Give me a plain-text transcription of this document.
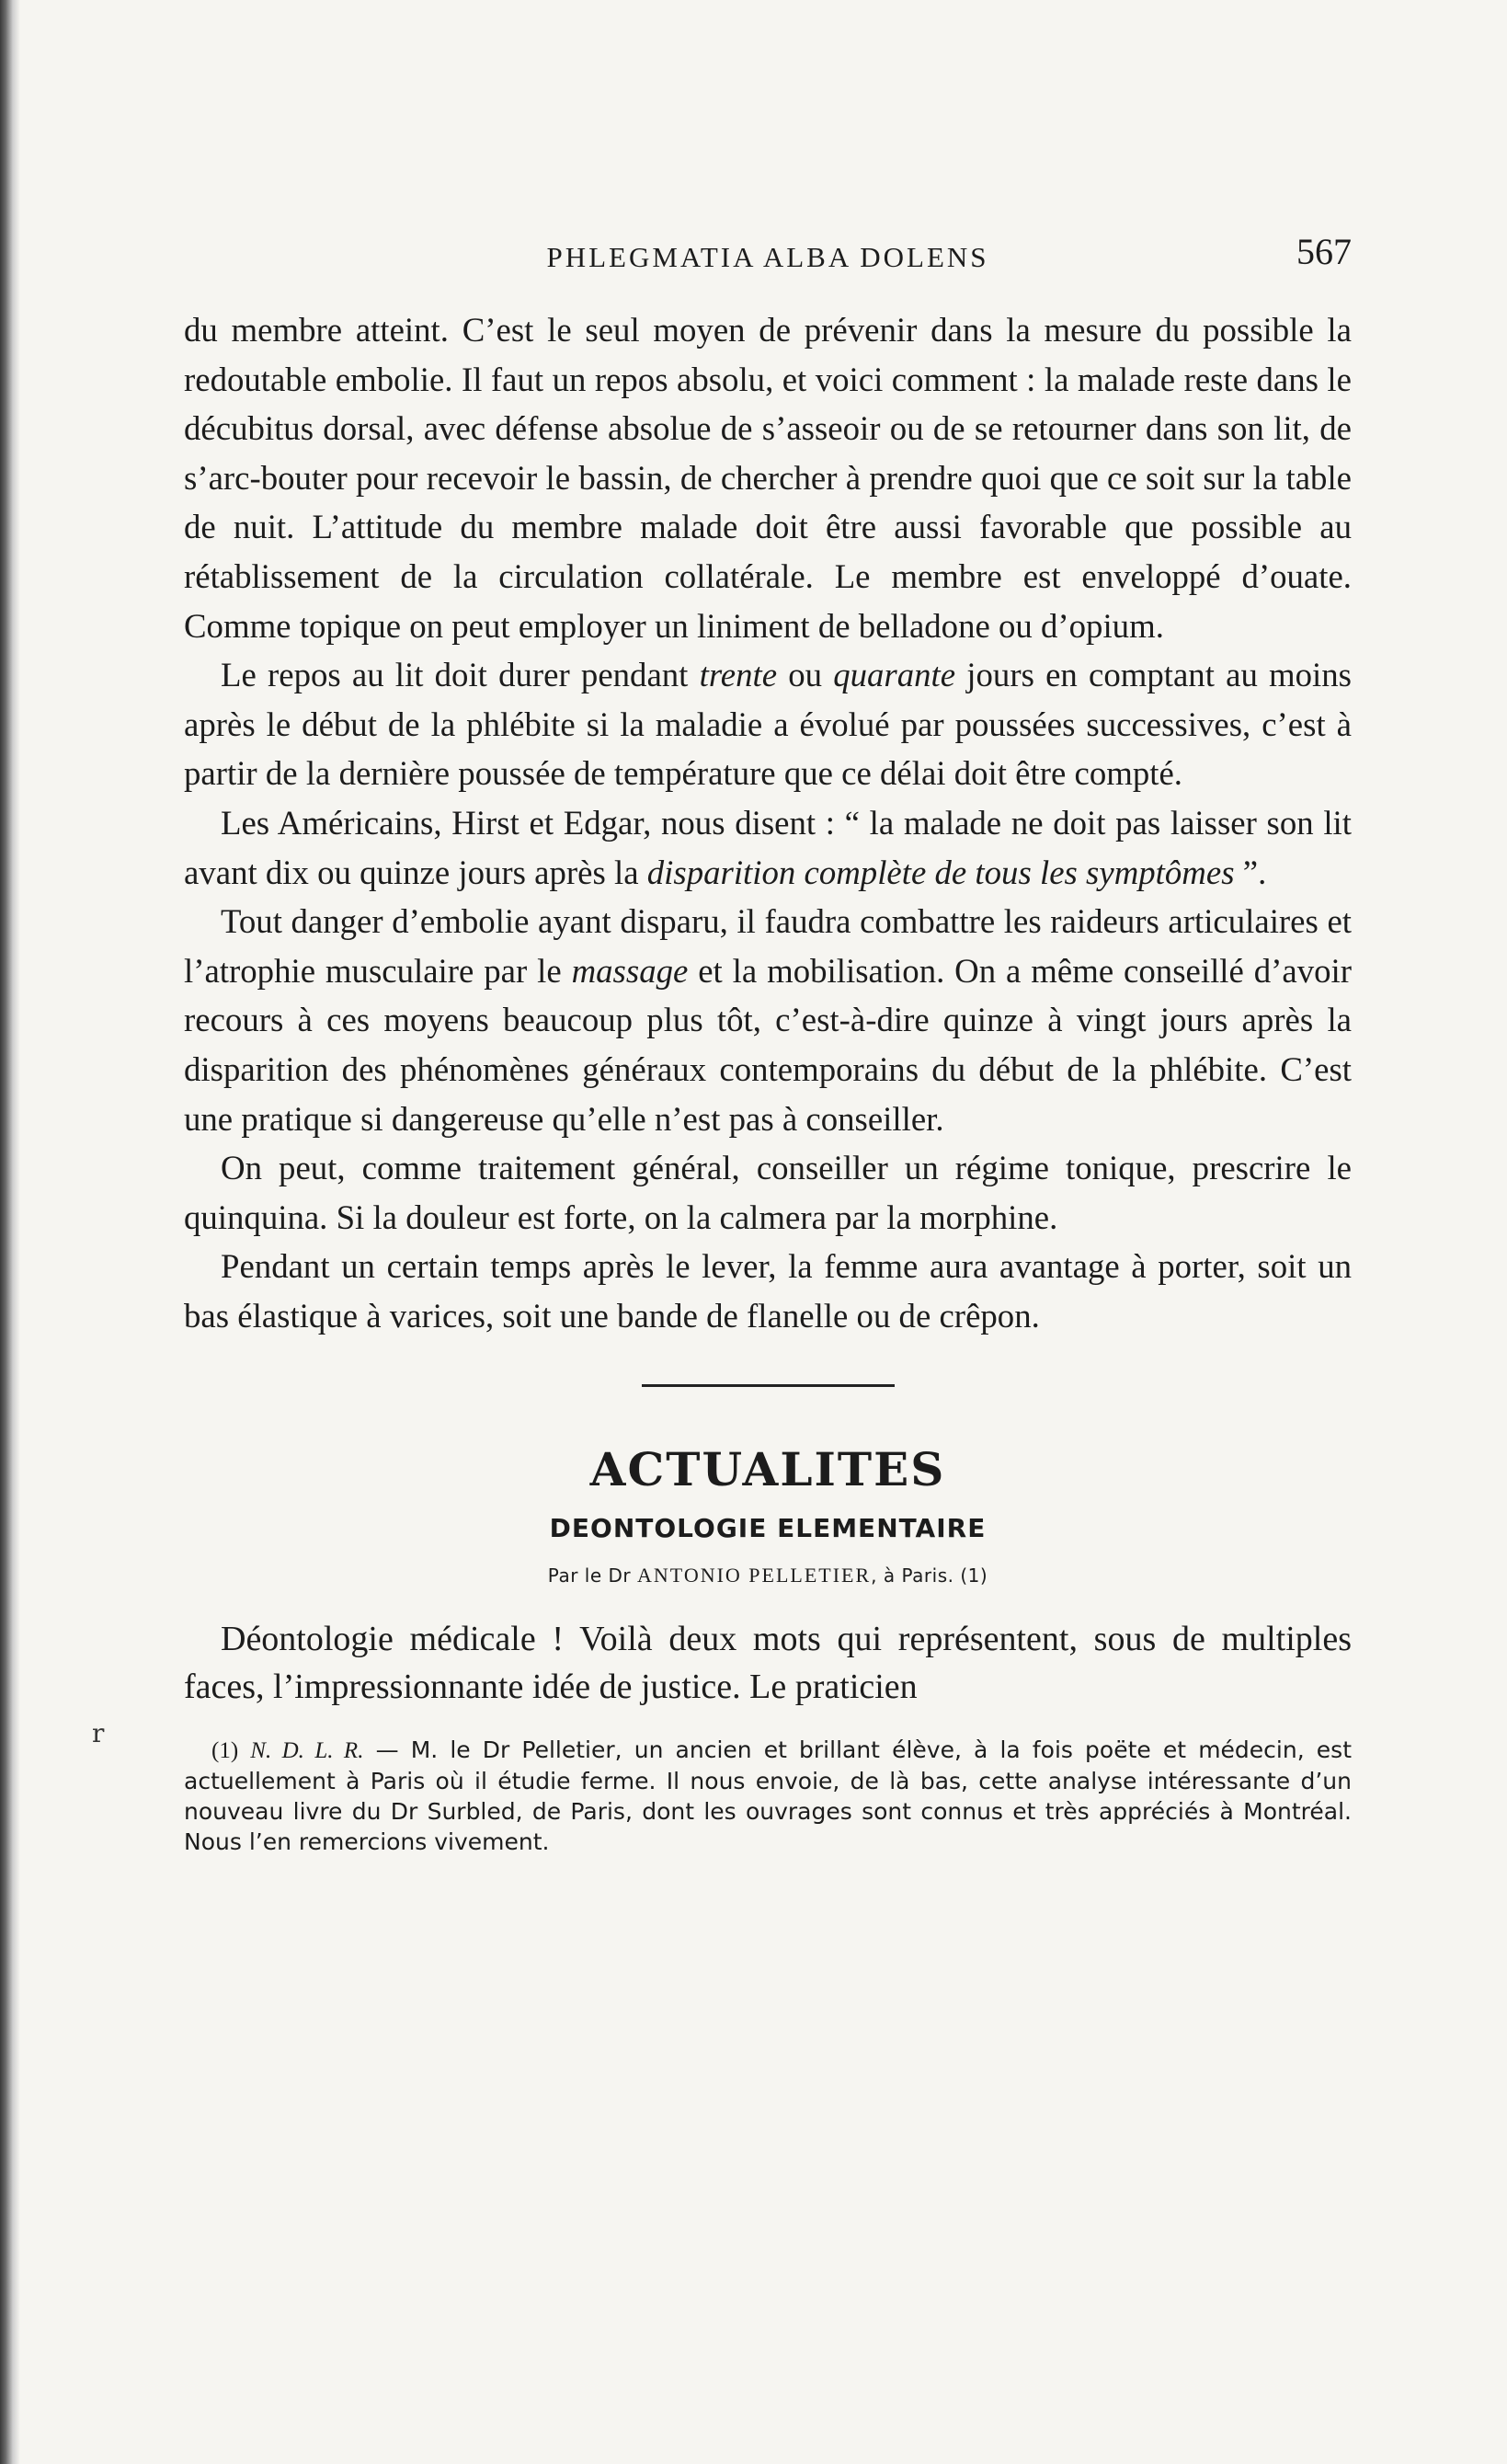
r
PHLEGMATIA ALBA DOLENS	567

du membre atteint. C’est le seul moyen de prévenir dans la mesure du possible la redoutable embolie. Il faut un repos absolu, et voici comment : la malade reste dans le décubitus dorsal, avec défense absolue de s’asseoir ou de se retourner dans son lit, de s’arc-bouter pour recevoir le bassin, de chercher à prendre quoi que ce soit sur la table de nuit. L’attitude du membre malade doit être aussi favorable que possible au rétablissement de la circulation collatérale. Le membre est enveloppé d’ouate. Comme topique on peut employer un liniment de belladone ou d’opium.

Le repos au lit doit durer pendant trente ou quarante jours en comptant au moins après le début de la phlébite si la maladie a évolué par poussées successives, c’est à partir de la dernière poussée de température que ce délai doit être compté.

Les Américains, Hirst et Edgar, nous disent : “ la malade ne doit pas laisser son lit avant dix ou quinze jours après la disparition complète de tous les symptômes ”.

Tout danger d’embolie ayant disparu, il faudra combattre les raideurs articulaires et l’atrophie musculaire par le massage et la mobilisation. On a même conseillé d’avoir recours à ces moyens beaucoup plus tôt, c’est-à-dire quinze à vingt jours après la disparition des phénomènes généraux contemporains du début de la phlébite. C’est une pratique si dangereuse qu’elle n’est pas à conseiller.

On peut, comme traitement général, conseiller un régime tonique, prescrire le quinquina. Si la douleur est forte, on la calmera par la morphine.

Pendant un certain temps après le lever, la femme aura avantage à porter, soit un bas élastique à varices, soit une bande de flanelle ou de crêpon.

ACTUALITES
DEONTOLOGIE ELEMENTAIRE
Par le Dr ANTONIO PELLETIER, à Paris. (1)

Déontologie médicale ! Voilà deux mots qui représentent, sous de multiples faces, l’impressionnante idée de justice. Le praticien

(1) N. D. L. R. — M. le Dr Pelletier, un ancien et brillant élève, à la fois poëte et médecin, est actuellement à Paris où il étudie ferme. Il nous envoie, de là bas, cette analyse intéressante d’un nouveau livre du Dr Surbled, de Paris, dont les ouvrages sont connus et très appréciés à Montréal. Nous l’en remercions vivement.
